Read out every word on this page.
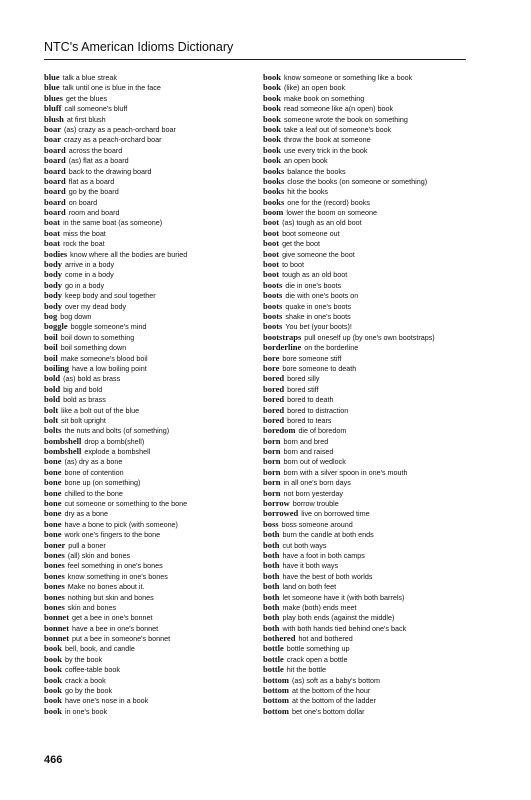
NTC's American Idioms Dictionary
blue talk a blue streak
blue talk until one is blue in the face
blues get the blues
bluff call someone's bluff
blush at first blush
boar (as) crazy as a peach-orchard boar
boar crazy as a peach-orchard boar
board across the board
board (as) flat as a board
board back to the drawing board
board flat as a board
board go by the board
board on board
board room and board
boat in the same boat (as someone)
boat miss the boat
boat rock the boat
bodies know where all the bodies are buried
body arrive in a body
body come in a body
body go in a body
body keep body and soul together
body over my dead body
bog bog down
boggle boggle someone's mind
boil boil down to something
boil boil something down
boil make someone's blood boil
boiling have a low boiling point
bold (as) bold as brass
bold big and bold
bold bold as brass
bolt like a bolt out of the blue
bolt sit bolt upright
bolts the nuts and bolts (of something)
bombshell drop a bomb(shell)
bombshell explode a bombshell
bone (as) dry as a bone
bone bone of contention
bone bone up (on something)
bone chilled to the bone
bone cut someone or something to the bone
bone dry as a bone
bone have a bone to pick (with someone)
bone work one's fingers to the bone
boner pull a boner
bones (all) skin and bones
bones feel something in one's bones
bones know something in one's bones
bones Make no bones about it.
bones nothing but skin and bones
bones skin and bones
bonnet get a bee in one's bonnet
bonnet have a bee in one's bonnet
bonnet put a bee in someone's bonnet
book bell, book, and candle
book by the book
book coffee-table book
book crack a book
book go by the book
book have one's nose in a book
book in one's book
book know someone or something like a book
book (like) an open book
book make book on something
book read someone like a(n open) book
book someone wrote the book on something
book take a leaf out of someone's book
book throw the book at someone
book use every trick in the book
book an open book
books balance the books
books close the books (on someone or something)
books hit the books
books one for the (record) books
boom lower the boom on someone
boot (as) tough as an old boot
boot boot someone out
boot get the boot
boot give someone the boot
boot to boot
boot tough as an old boot
boots die in one's boots
boots die with one's boots on
boots quake in one's boots
boots shake in one's boots
boots You bet (your boots)!
bootstraps pull oneself up (by one's own bootstraps)
borderline on the borderline
bore bore someone stiff
bore bore someone to death
bored bored silly
bored bored stiff
bored bored to death
bored bored to distraction
bored bored to tears
boredom die of boredom
born born and bred
born born and raised
born born out of wedlock
born born with a silver spoon in one's mouth
born in all one's born days
born not born yesterday
borrow borrow trouble
borrowed live on borrowed time
boss boss someone around
both burn the candle at both ends
both cut both ways
both have a foot in both camps
both have it both ways
both have the best of both worlds
both land on both feet
both let someone have it (with both barrels)
both make (both) ends meet
both play both ends (against the middle)
both with both hands tied behind one's back
bothered hot and bothered
bottle bottle something up
bottle crack open a bottle
bottle hit the bottle
bottom (as) soft as a baby's bottom
bottom at the bottom of the hour
bottom at the bottom of the ladder
bottom bet one's bottom dollar
466
